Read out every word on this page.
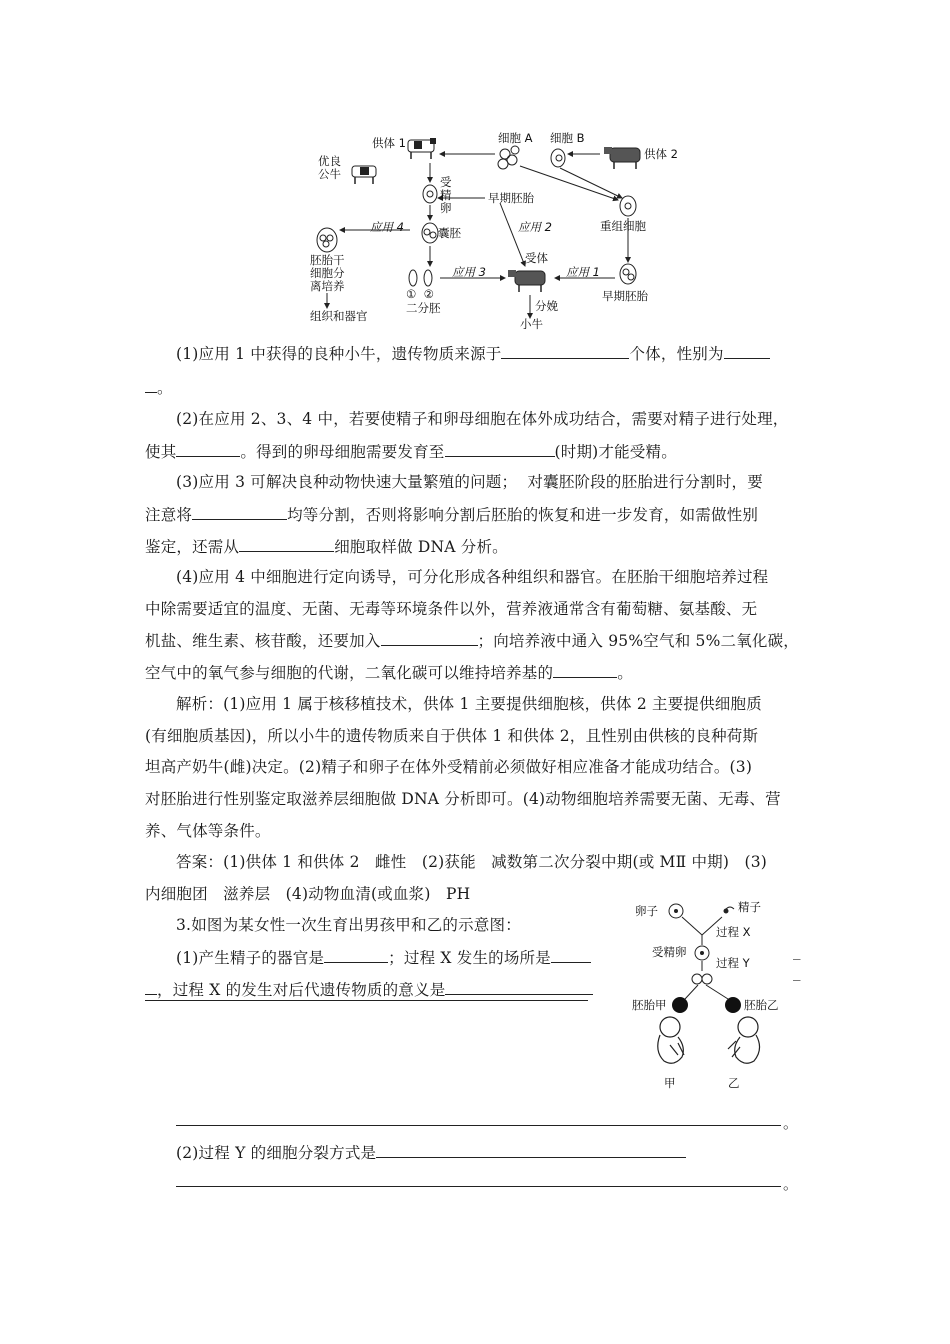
供体 1
优良
公牛
细胞 A 细胞 B
供体 2
受
精
卵
早期胚胎
重组细胞
应用 4	囊胚	应用 2
受体
胚胎干
细胞分
离培养
应用 3	应用 1
①  ②
二分胚	分娩
小牛
早期胚胎
组织和器官
(1)应用 1 中获得的良种小牛，遗传物质来源于	个体，性别为
。
(2)在应用 2、3、4 中，若要使精子和卵母细胞在体外成功结合，需要对精子进行处理，
使其	。得到的卵母细胞需要发育至	(时期)才能受精。
(3)应用 3 可解决良种动物快速大量繁殖的问题；  对囊胚阶段的胚胎进行分割时，要
注意将	均等分割，否则将影响分割后胚胎的恢复和进一步发育，如需做性别
鉴定，还需从	细胞取样做 DNA 分析。
(4)应用 4 中细胞进行定向诱导，可分化形成各种组织和器官。在胚胎干细胞培养过程
中除需要适宜的温度、无菌、无毒等环境条件以外，营养液通常含有葡萄糖、氨基酸、无
机盐、维生素、核苷酸，还要加入	；向培养液中通入 95%空气和 5%二氧化碳，
空气中的氧气参与细胞的代谢，二氧化碳可以维持培养基的	。
解析：(1)应用 1 属于核移植技术，供体 1 主要提供细胞核，供体 2 主要提供细胞质
(有细胞质基因)，所以小牛的遗传物质来自于供体 1 和供体 2，且性别由供核的良种荷斯
坦高产奶牛(雌)决定。(2)精子和卵子在体外受精前必须做好相应准备才能成功结合。(3)
对胚胎进行性别鉴定取滋养层细胞做 DNA 分析即可。(4)动物细胞培养需要无菌、无毒、营
养、气体等条件。
答案：(1)供体 1 和供体 2   雌性   (2)获能   减数第二次分裂中期(或 MⅡ 中期)   (3)
内细胞团   滋养层   (4)动物血清(或血浆)   PH
3.如图为某女性一次生育出男孩甲和乙的示意图：
(1)产生精子的器官是	；过程 X 发生的场所是	_
，过程 X 的发生对后代遗传物质的意义是
_
卵子	精子
受精卵
过程 X
过程 Y
胚胎甲	胚胎乙
甲	乙
。
(2)过程 Y 的细胞分裂方式是
。
